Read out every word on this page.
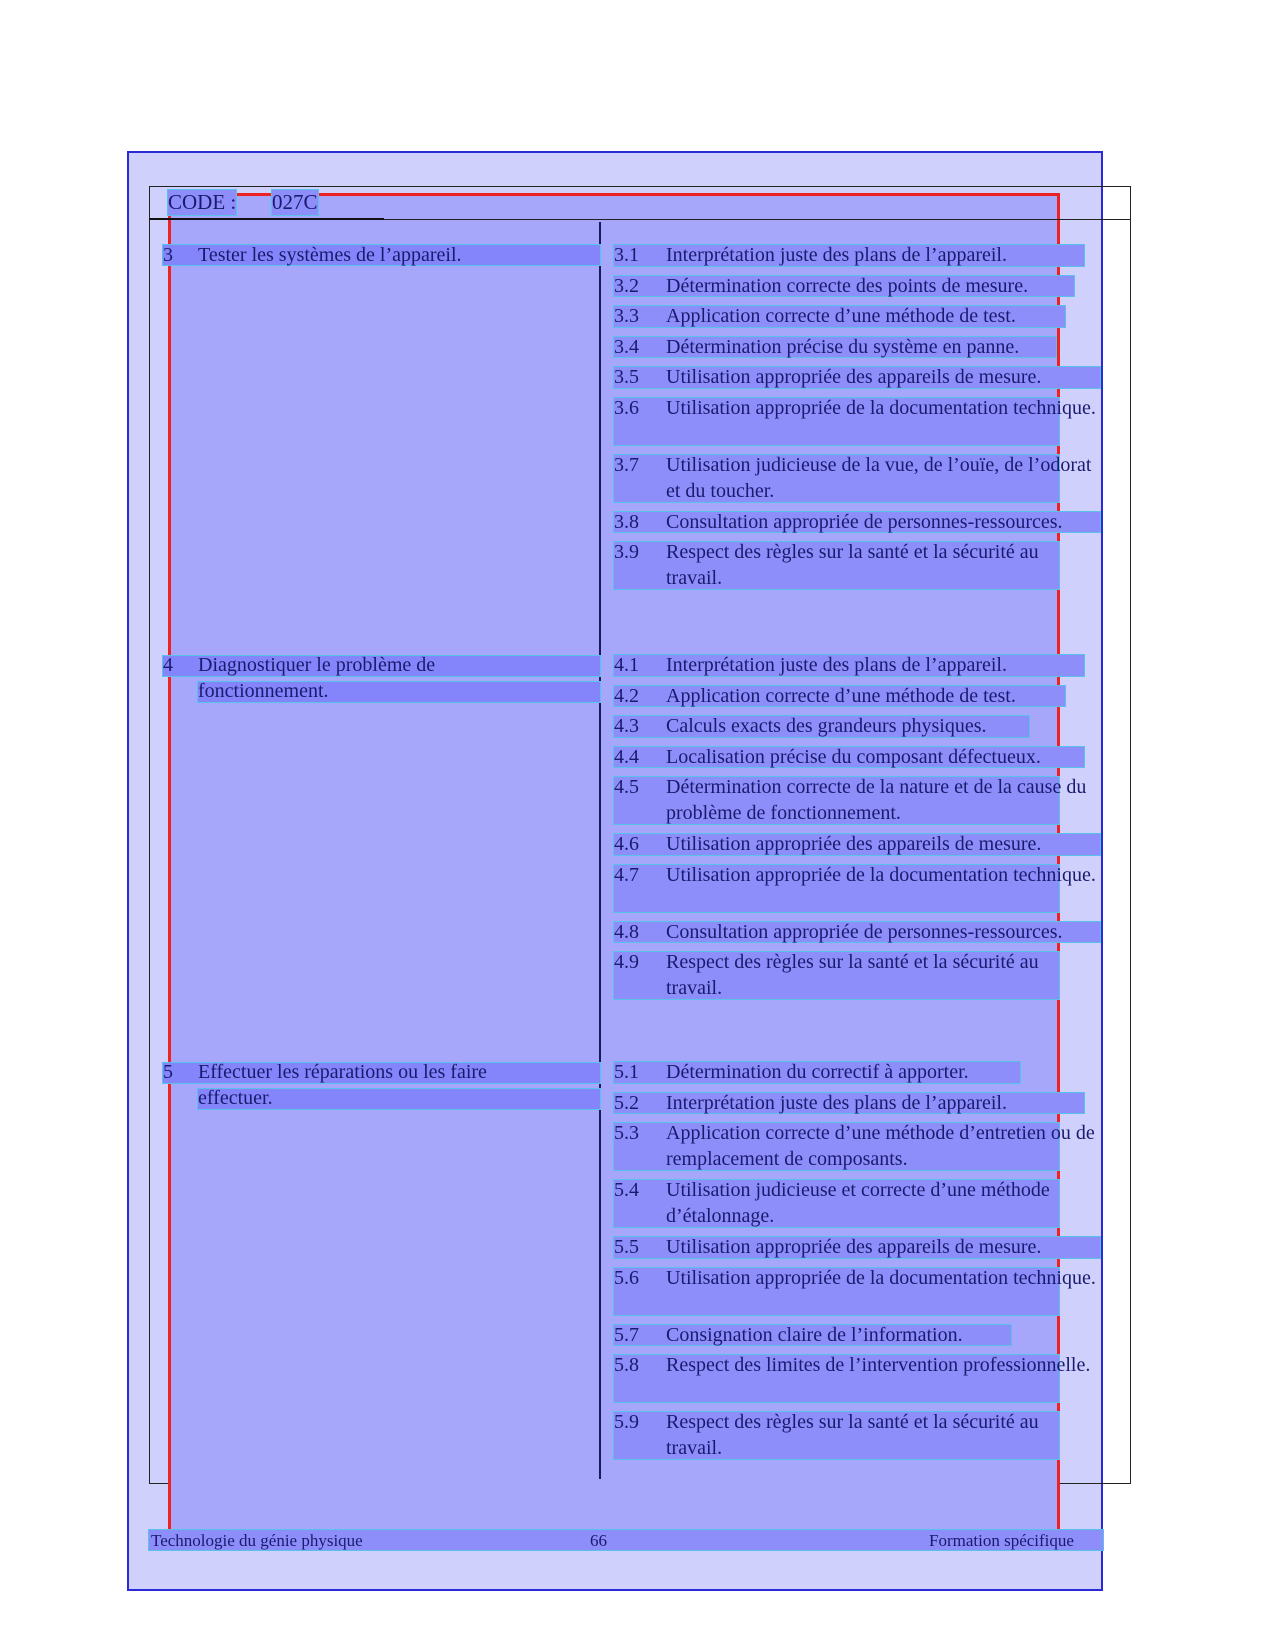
CODE : 027C
3 Tester les systèmes de l’appareil.
4 Diagnostiquer le problème de fonctionnement.
5 Effectuer les réparations ou les faire effectuer.
3.1 Interprétation juste des plans de l’appareil.
3.2 Détermination correcte des points de mesure.
3.3 Application correcte d’une méthode de test.
3.4 Détermination précise du système en panne.
3.5 Utilisation appropriée des appareils de mesure.
3.6 Utilisation appropriée de la documentation technique.
3.7 Utilisation judicieuse de la vue, de l’ouïe, de l’odorat et du toucher.
3.8 Consultation appropriée de personnes-ressources.
3.9 Respect des règles sur la santé et la sécurité au travail.
4.1 Interprétation juste des plans de l’appareil.
4.2 Application correcte d’une méthode de test.
4.3 Calculs exacts des grandeurs physiques.
4.4 Localisation précise du composant défectueux.
4.5 Détermination correcte de la nature et de la cause du problème de fonctionnement.
4.6 Utilisation appropriée des appareils de mesure.
4.7 Utilisation appropriée de la documentation technique.
4.8 Consultation appropriée de personnes-ressources.
4.9 Respect des règles sur la santé et la sécurité au travail.
5.1 Détermination du correctif à apporter.
5.2 Interprétation juste des plans de l’appareil.
5.3 Application correcte d’une méthode d’entretien ou de remplacement de composants.
5.4 Utilisation judicieuse et correcte d’une méthode d’étalonnage.
5.5 Utilisation appropriée des appareils de mesure.
5.6 Utilisation appropriée de la documentation technique.
5.7 Consignation claire de l’information.
5.8 Respect des limites de l’intervention professionnelle.
5.9 Respect des règles sur la santé et la sécurité au travail.
Technologie du génie physique	66	Formation spécifique
